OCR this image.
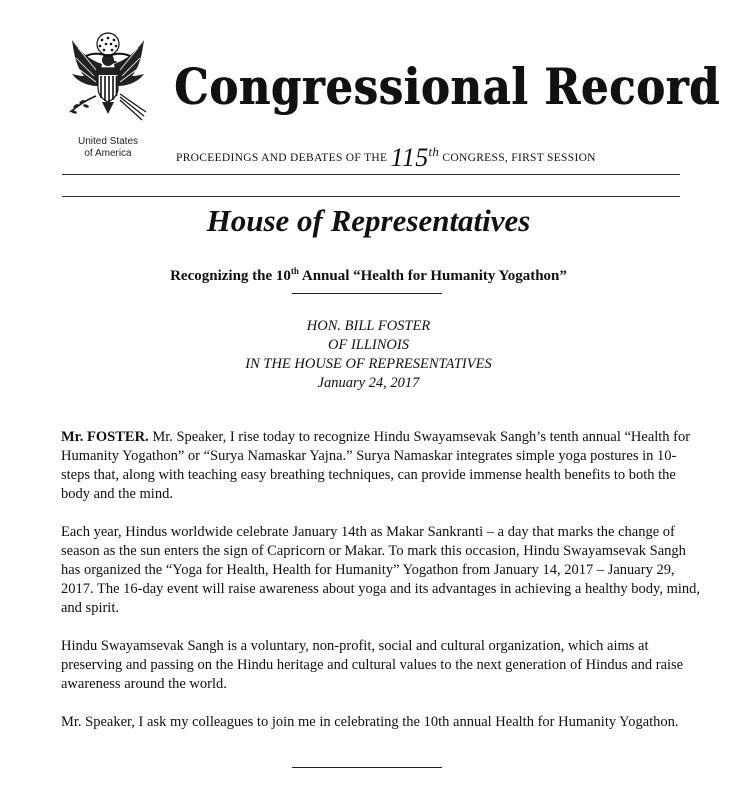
United States
of America
Congressional Record
PROCEEDINGS AND DEBATES OF THE 115th CONGRESS, FIRST SESSION
House of Representatives
Recognizing the 10th Annual “Health for Humanity Yogathon”
HON. BILL FOSTER
OF ILLINOIS
IN THE HOUSE OF REPRESENTATIVES
January 24, 2017

Mr. FOSTER. Mr. Speaker, I rise today to recognize Hindu Swayamsevak Sangh’s tenth annual “Health for Humanity Yogathon” or “Surya Namaskar Yajna.” Surya Namaskar integrates simple yoga postures in 10-steps that, along with teaching easy breathing techniques, can provide immense health benefits to both the body and the mind.

Each year, Hindus worldwide celebrate January 14th as Makar Sankranti – a day that marks the change of season as the sun enters the sign of Capricorn or Makar. To mark this occasion, Hindu Swayamsevak Sangh has organized the “Yoga for Health, Health for Humanity” Yogathon from January 14, 2017 – January 29, 2017. The 16-day event will raise awareness about yoga and its advantages in achieving a healthy body, mind, and spirit.

Hindu Swayamsevak Sangh is a voluntary, non-profit, social and cultural organization, which aims at preserving and passing on the Hindu heritage and cultural values to the next generation of Hindus and raise awareness around the world.

Mr. Speaker, I ask my colleagues to join me in celebrating the 10th annual Health for Humanity Yogathon.
